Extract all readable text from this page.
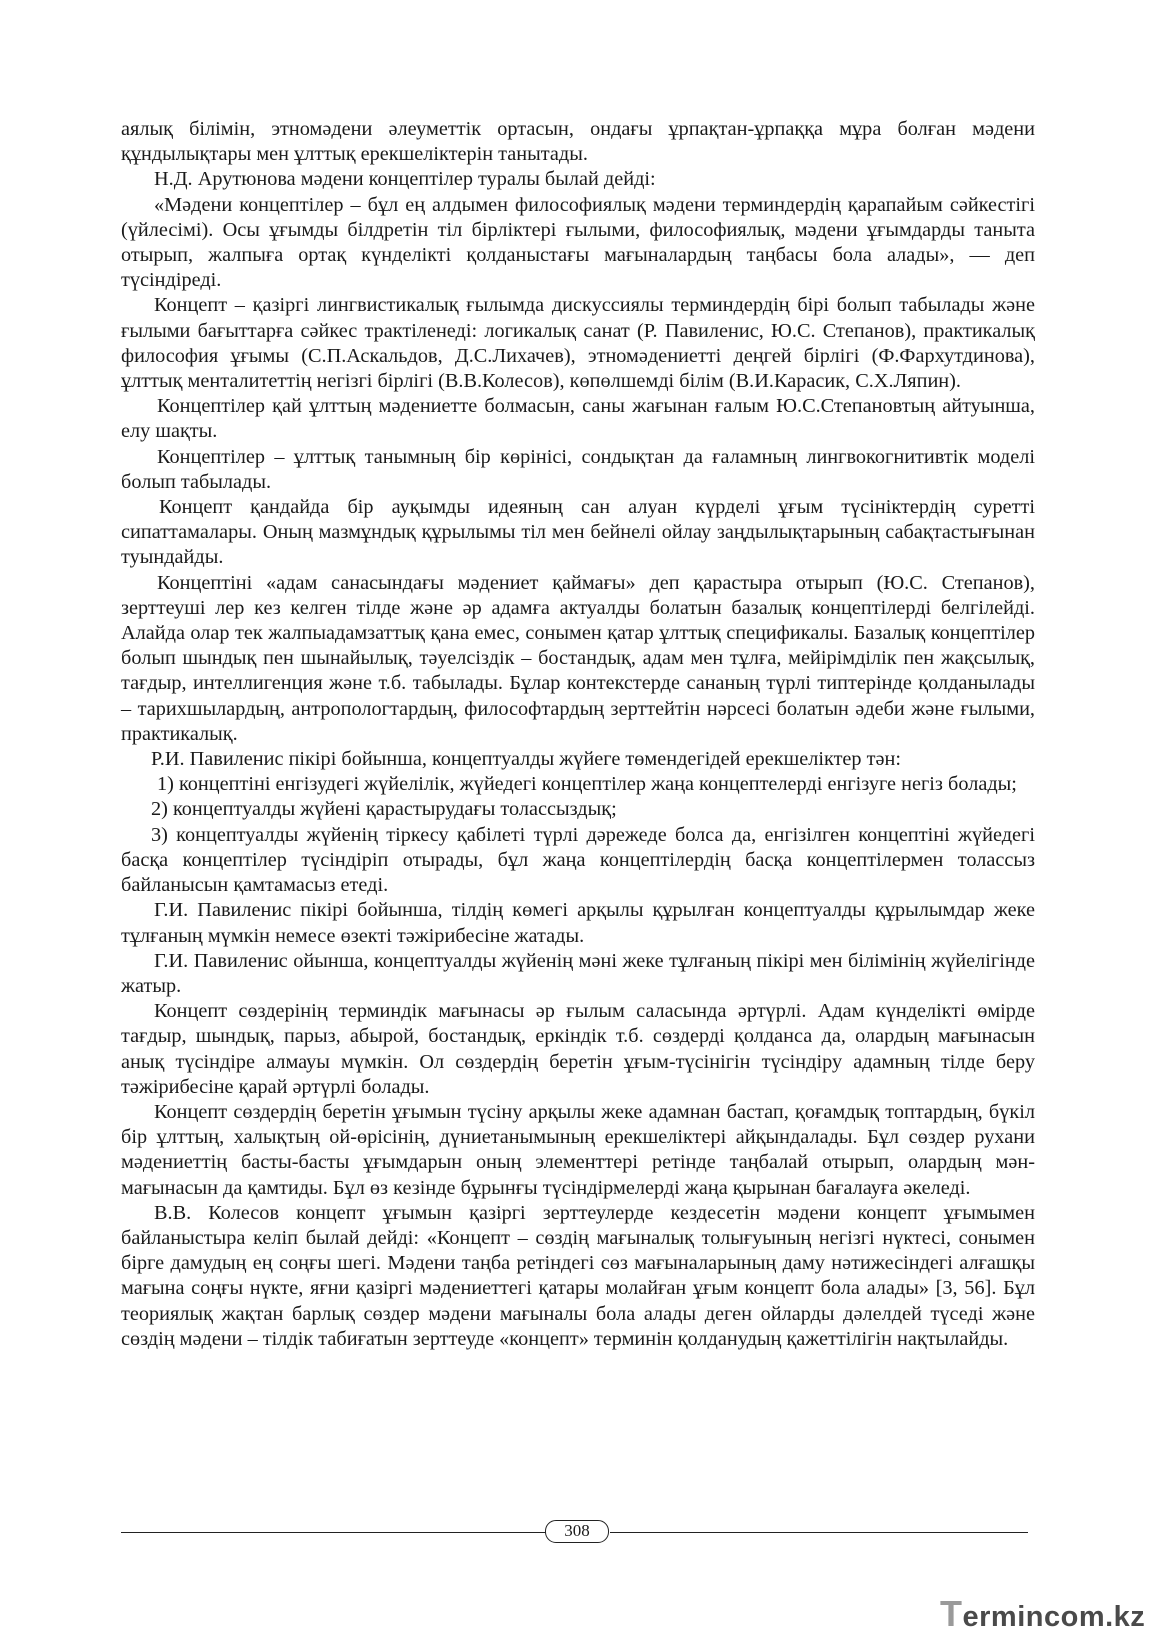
аялық білімін, этномәдени әлеуметтік ортасын, ондағы ұрпақтан-ұрпаққа мұра болған мәдени құндылықтары мен ұлттық ерекшеліктерін танытады.

Н.Д. Арутюнова мәдени концептілер туралы былай дейді:

«Мәдени концептілер – бұл ең алдымен философиялық мәдени терминдердің қарапайым сәйкестігі (үйлесімі). Осы ұғымды білдретін тіл бірліктері ғылыми, философиялық, мәдени ұғымдарды таныта отырып, жалпыға ортақ күнделікті қолданыстағы мағыналардың таңбасы бола алады», — деп түсіндіреді.

Концепт – қазіргі лингвистикалық ғылымда дискуссиялы терминдердің бірі болып табылады және ғылыми бағыттарға сәйкес трактіленеді: логикалық санат (Р. Павиленис, Ю.С. Степанов), практикалық философия ұғымы (С.П.Аскальдов, Д.С.Лихачев), этномәдениетті деңгей бірлігі (Ф.Фархутдинова), ұлттық менталитеттің негізгі бірлігі (В.В.Колесов), көпөлшемді білім (В.И.Карасик, С.Х.Ляпин).

Концептілер қай ұлттың мәдениетте болмасын, саны жағынан ғалым Ю.С.Степановтың айтуынша, елу шақты.

Концептілер – ұлттық танымның бір көрінісі, сондықтан да ғаламның лингвокогнитивтік моделі болып табылады.

Концепт қандайда бір ауқымды идеяның сан алуан күрделі ұғым түсініктердің суретті сипаттамалары. Оның мазмұндық құрылымы тіл мен бейнелі ойлау заңдылықтарының сабақтастығынан туындайды.

Концептіні «адам санасындағы мәдениет қаймағы» деп қарастыра отырып (Ю.С. Степанов), зерттеуші лер кез келген тілде және әр адамға актуалды болатын базалық концептілерді белгілейді. Алайда олар тек жалпыадамзаттық қана емес, сонымен қатар ұлттық спецификалы. Базалық концептілер болып шындық пен шынайылық, тәуелсіздік – бостандық, адам мен тұлға, мейірімділік пен жақсылық, тағдыр, интеллигенция және т.б. табылады. Бұлар контекстерде сананың түрлі типтерінде қолданылады – тарихшылардың, антропологтардың, философтардың зерттейтін нәрсесі болатын әдеби және ғылыми, практикалық.

Р.И. Павиленис пікірі бойынша, концептуалды жүйеге төмендегідей ерекшеліктер тән:

1) концептіні енгізудегі жүйелілік, жүйедегі концептілер жаңа концептелерді енгізуге негіз болады;

2) концептуалды жүйені қарастырудағы толассыздық;

3) концептуалды жүйенің тіркесу қабілеті түрлі дәрежеде болса да, енгізілген концептіні жүйедегі басқа концептілер түсіндіріп отырады, бұл жаңа концептілердің басқа концептілермен толассыз байланысын қамтамасыз етеді.

Г.И. Павиленис пікірі бойынша, тілдің көмегі арқылы құрылған концептуалды құрылымдар жеке тұлғаның мүмкін немесе өзекті тәжірибесіне жатады.

Г.И. Павиленис ойынша, концептуалды жүйенің мәні жеке тұлғаның пікірі мен білімінің жүйелігінде жатыр.

Концепт сөздерінің терминдік мағынасы әр ғылым саласында әртүрлі. Адам күнделікті өмірде тағдыр, шындық, парыз, абырой, бостандық, еркіндік т.б. сөздерді қолданса да, олардың мағынасын анық түсіндіре алмауы мүмкін. Ол сөздердің беретін ұғым-түсінігін түсіндіру адамның тілде беру тәжірибесіне қарай әртүрлі болады.

Концепт сөздердің беретін ұғымын түсіну арқылы жеке адамнан бастап, қоғамдық топтардың, бүкіл бір ұлттың, халықтың ой-өрісінің, дүниетанымының ерекшеліктері айқындалады. Бұл сөздер рухани мәдениеттің басты-басты ұғымдарын оның элементтері ретінде таңбалай отырып, олардың мән-мағынасын да қамтиды. Бұл өз кезінде бұрынғы түсіндірмелерді жаңа қырынан бағалауға әкеледі.

В.В. Колесов концепт ұғымын қазіргі зерттеулерде кездесетін мәдени концепт ұғымымен байланыстыра келіп былай дейді: «Концепт – сөздің мағыналық толығуының негізгі нүктесі, сонымен бірге дамудың ең соңғы шегі. Мәдени таңба ретіндегі сөз мағыналарының даму нәтижесіндегі алғашқы мағына соңғы нүкте, яғни қазіргі мәдениеттегі қатары молайған ұғым концепт бола алады» [3, 56]. Бұл теориялық жақтан барлық сөздер мәдени мағыналы бола алады деген ойларды дәлелдей түседі және сөздің мәдени – тілдік табиғатын зерттеуде «концепт» терминін қолданудың қажеттілігін нақтылайды.

308
Termincom.kz
